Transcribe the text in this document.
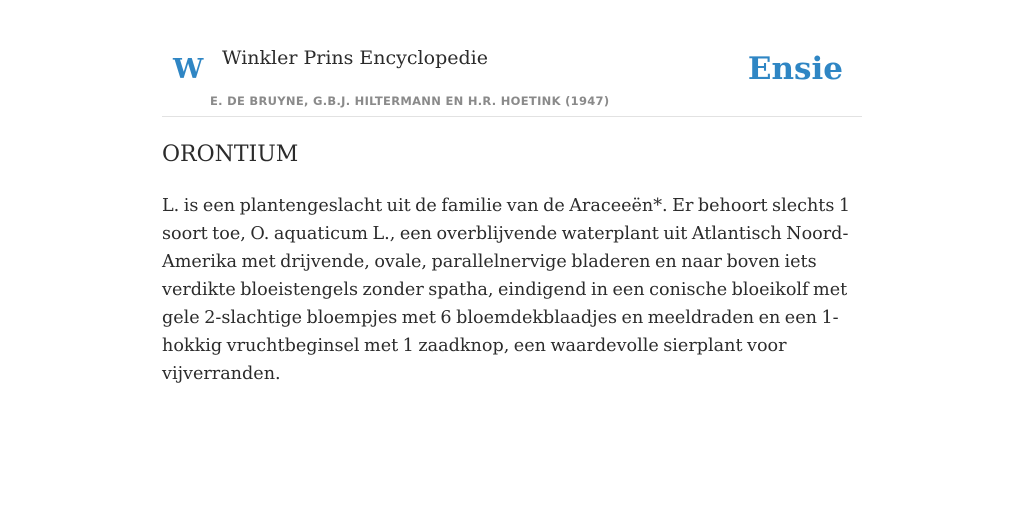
W Winkler Prins Encyclopedie
E. DE BRUYNE, G.B.J. HILTERMANN EN H.R. HOETINK (1947)
Ensie
ORONTIUM

L. is een plantengeslacht uit de familie van de Araceeën*. Er behoort slechts 1 soort toe, O. aquaticum L., een overblijvende waterplant uit Atlantisch Noord-Amerika met drijvende, ovale, parallelnervige bladeren en naar boven iets verdikte bloeistengels zonder spatha, eindigend in een conische bloeikolf met gele 2-slachtige bloempjes met 6 bloemdekblaadjes en meeldraden en een 1-hokkig vruchtbeginsel met 1 zaadknop, een waardevolle sierplant voor vijverranden.
